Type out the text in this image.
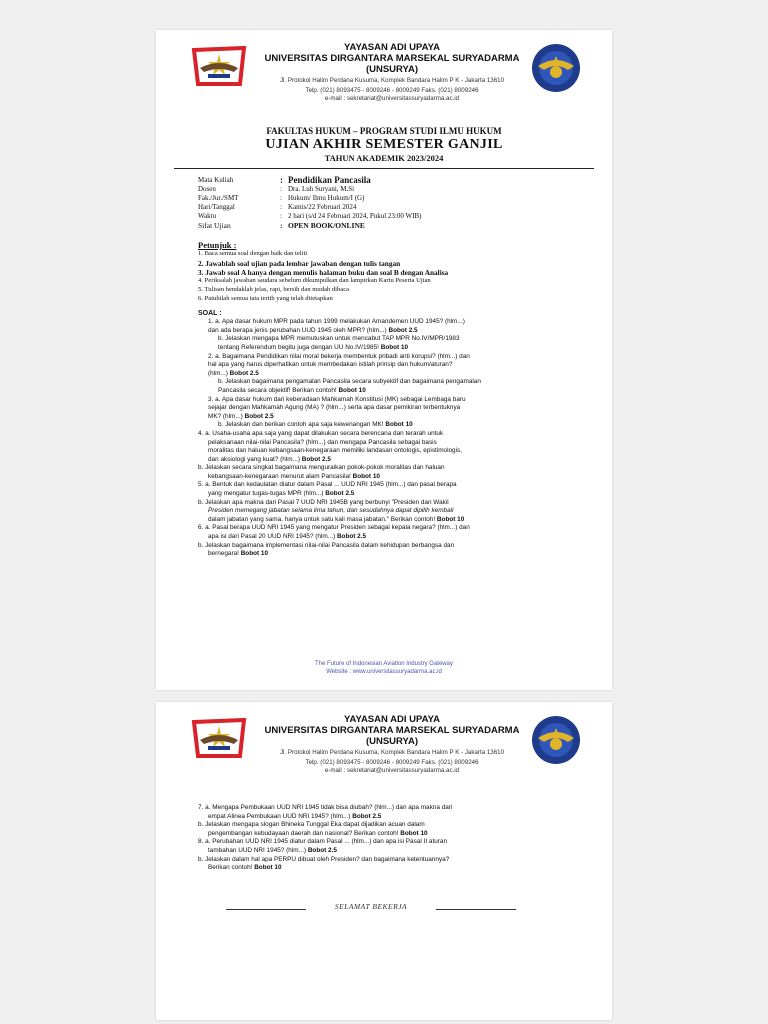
YAYASAN ADI UPAYA
UNIVERSITAS DIRGANTARA MARSEKAL SURYADARMA
(UNSURYA)
Jl. Protokol Halim Perdana Kusuma, Komplek Bandara Halim P K - Jakarta 13610
Telp. (021) 8093475 - 8009246 - 8009249 Faks. (021) 8009246
e-mail : sekretariat@universitassuryadarma.ac.id
FAKULTAS HUKUM – PROGRAM STUDI ILMU HUKUM
UJIAN AKHIR SEMESTER GANJIL
TAHUN AKADEMIK 2023/2024
Mata Kuliah	: Pendidikan Pancasila
Dosen	: Dra. Luh Suryani, M.Si
Fak./Jur./SMT	: Hukum/ Ilmu Hukum/I (G)
Hari/Tanggal	: Kamis/22 Februari 2024
Waktu	: 2 hari (s/d 24 Februari 2024, Pukul 23:00 WIB)
Sifat Ujian	: OPEN BOOK/ONLINE
Petunjuk :
1. Baca semua soal dengan baik dan teliti
2. Jawablah soal ujian pada lembar jawaban dengan tulis tangan
3. Jawab soal A hanya dengan menulis halaman buku dan soal B dengan Analisa
4. Periksalah jawaban saudara sebelum dikumpulkan dan lampirkan Kartu Peserta Ujian
5. Tulisan hendaklah jelas, rapi, bersih dan mudah dibaca
6. Patuhilah semua tata tertib yang telah ditetapkan
SOAL :
1. a. Apa dasar hukum MPR pada tahun 1999 melakukan Amandemen UUD 1945? (hlm...)
dan ada berapa jenis perubahan UUD 1945 oleh MPR? (hlm...) Bobot 2.5
b. Jelaskan mengapa MPR memutuskan untuk mencabut TAP MPR No.IV/MPR/1983
tentang Referendum begitu juga dengan UU No.IV/1985! Bobot 10
2. a. Bagaimana Pendidikan nilai moral bekerja membentuk pribadi anti korupsi? (hlm...) dan
hal apa yang harus diperhatikan untuk membedakan istilah prinsip dan hukum/aturan?
(hlm...) Bobot 2.5
b. Jelaskan bagaimana pengamalan Pancasila secara subyektif dan bagaimana pengamalan
Pancasila secara objektif! Berikan contoh! Bobot 10
3. a. Apa dasar hukum dari keberadaan Mahkamah Konstitusi (MK) sebagai Lembaga baru
sejajar dengan Mahkamah Agung (MA) ? (hlm...) serta apa dasar pemikiran terbentuknya
MK? (hlm...) Bobot 2.5
b. Jelaskan dan berikan contoh apa saja kewenangan MK! Bobot 10
4. a. Usaha-usaha apa saja yang dapat dilakukan secara berencana dan terarah untuk
pelaksanaan nilai-nilai Pancasila? (hlm...) dan mengapa Pancasila sebagai basis
moralitas dan haluan kebangsaan-kenegaraan memiliki landasan ontologis, epistimologis,
dan aksiologi yang kuat? (hlm...) Bobot 2.5
b. Jelaskan secara singkat bagaimana menguraikan pokok-pokok moralitas dan haluan
kebangsaan-kenegaraan menurut alam Pancasila! Bobot 10
5. a. Bentuk dan kedaulatan diatur dalam Pasal ... UUD NRI 1945 (hlm...) dan pasal berapa
yang mengatur tugas-tugas MPR (hlm...) Bobot 2.5
b. Jelaskan apa makna dari Pasal 7 UUD NRI 1945B yang berbunyi "Presiden dan Wakil
Presiden memegang jabatan selama lima tahun, dan sesudahnya dapat dipilih kembali
dalam jabatan yang sama, hanya untuk satu kali masa jabatan." Berikan contoh! Bobot 10
6. a. Pasal berapa UUD NRI 1945 yang mengatur Presiden sebagai kepala negara? (hlm...) dan
apa isi dari Pasal 20 UUD NRI 1945? (hlm...) Bobot 2.5
b. Jelaskan bagaimana implementasi nilai-nilai Pancasila dalam kehidupan berbangsa dan
bernegara! Bobot 10
The Future of Indonesian Aviation Industry Gateway
Website : www.universitassuryadarma.ac.id
YAYASAN ADI UPAYA
UNIVERSITAS DIRGANTARA MARSEKAL SURYADARMA
(UNSURYA)
Jl. Protokol Halim Perdana Kusuma, Komplek Bandara Halim P K - Jakarta 13610
Telp. (021) 8093475 - 8009246 - 8009249 Faks. (021) 8009246
e-mail : sekretariat@universitassuryadarma.ac.id
7. a. Mengapa Pembukaan UUD NRI 1945 tidak bisa diubah? (hlm...) dan apa makna dari
empat Alinea Pembukaan UUD NRI 1945? (hlm...) Bobot 2.5
b. Jelaskan mengapa slogan Bhineka Tunggal Eka dapat dijadikan acuan dalam
pengembangan kebudayaan daerah dan nasional? Berikan contoh! Bobot 10
8. a. Perubahan UUD NRI 1945 diatur dalam Pasal ... (hlm...) dan apa isi Pasal II aturan
tambahan UUD NRI 1945? (hlm...) Bobot 2.5
b. Jelaskan dalam hal apa PERPU dibuat oleh Presiden? dan bagaimana ketentuannya?
Berikan contoh! Bobot 10
SELAMAT BEKERJA
